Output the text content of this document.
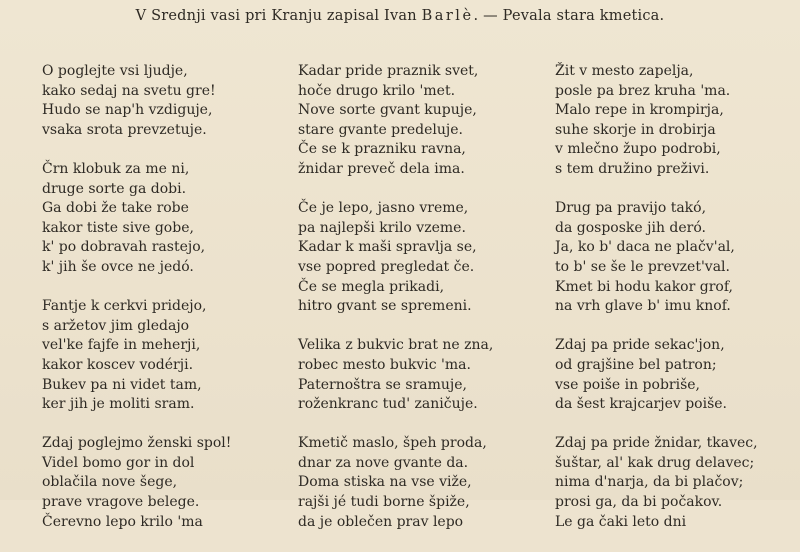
V Srednji vasi pri Kranju zapisal Ivan Barlè. — Pevala stara kmetica.
O poglejte vsi ljudje,
kako sedaj na svetu gre!
Hudo se nap'h vzdiguje,
vsaka srota prevzetuje.
Črn klobuk za me ni,
druge sorte ga dobi.
Ga dobi že take robe
kakor tiste sive gobe,
k' po dobravah rastejo,
k' jih še ovce ne jedó.
Fantje k cerkvi pridejo,
s aržetov jim gledajo
vel'ke fajfe in meherji,
kakor koscev vodérji.
Bukev pa ni videt tam,
ker jih je moliti sram.
Zdaj poglejmo ženski spol!
Videl bomo gor in dol
oblačila nove šege,
prave vragove belege.
Čerevno lepo krilo 'ma
Kadar pride praznik svet,
hoče drugo krilo 'met.
Nove sorte gvant kupuje,
stare gvante predeluje.
Če se k prazniku ravna,
žnidar preveč dela ima.
Če je lepo, jasno vreme,
pa najlepši krilo vzeme.
Kadar k maši spravlja se,
vse popred pregledat če.
Če se megla prikadi,
hitro gvant se spremeni.
Velika z bukvic brat ne zna,
robec mesto bukvic 'ma.
Paternoštra se sramuje,
roženkranc tud' zaničuje.
Kmetič maslo, špeh proda,
dnar za nove gvante da.
Doma stiska na vse viže,
rajši jé tudi borne špiže,
da je oblečen prav lepo
Žit v mesto zapelja,
posle pa brez kruha 'ma.
Malo repe in krompirja,
suhe skorje in drobirja
v mlečno župo podrobi,
s tem družino preživi.
Drug pa pravijo takó,
da gosposke jih deró.
Ja, ko b' daca ne plačv'al,
to b' se še le prevzet'val.
Kmet bi hodu kakor grof,
na vrh glave b' imu knof.
Zdaj pa pride sekac'jon,
od grajšine bel patron;
vse poiše in pobriše,
da šest krajcarjev poiše.
Zdaj pa pride žnidar, tkavec,
šuštar, al' kak drug delavec;
nima d'narja, da bi plačov;
prosi ga, da bi počakov.
Le ga čaki leto dni
